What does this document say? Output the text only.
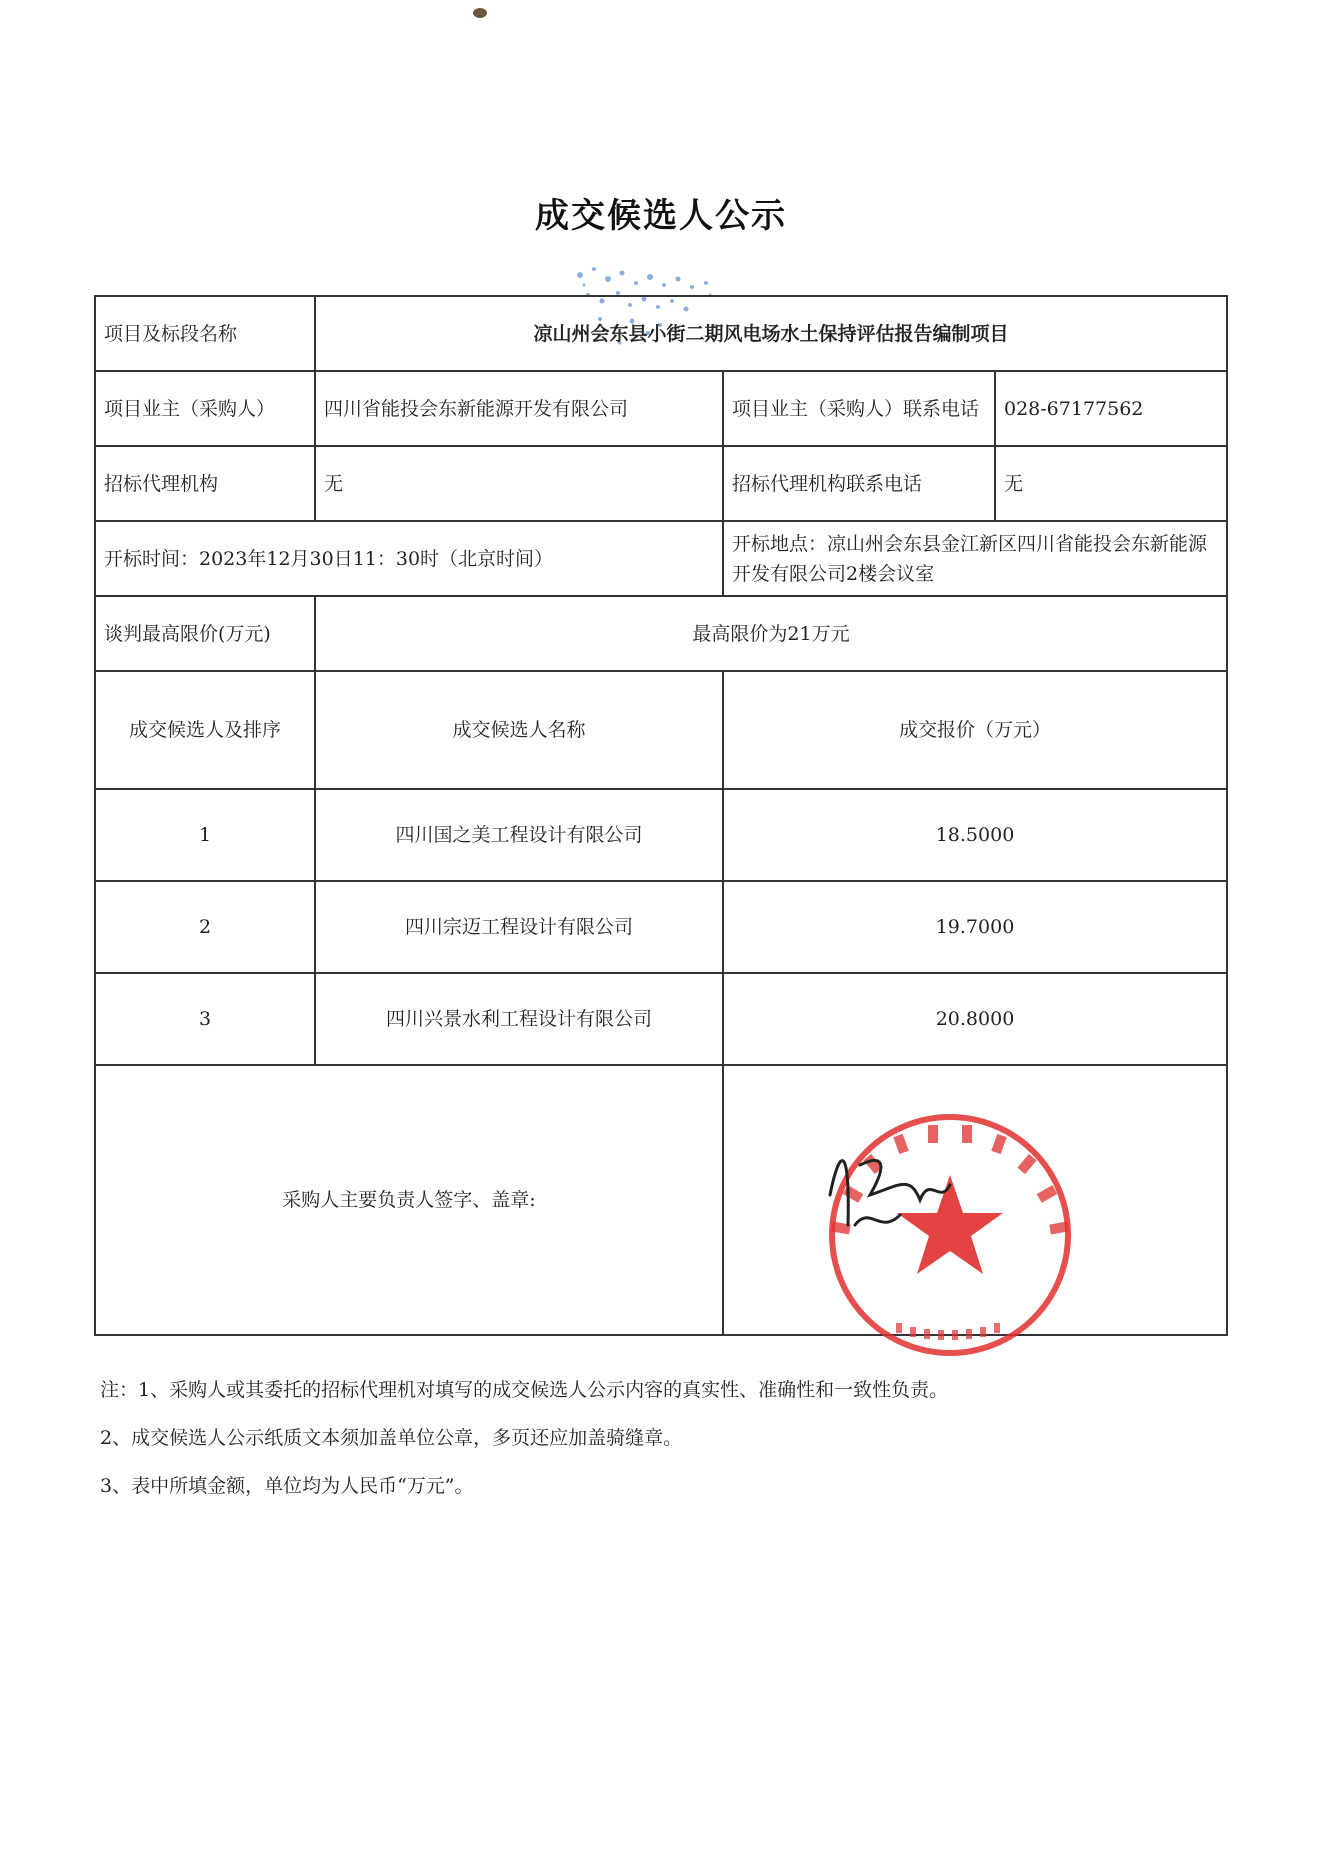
成交候选人公示
项目及标段名称	凉山州会东县小街二期风电场水土保持评估报告编制项目		
项目业主（采购人）	四川省能投会东新能源开发有限公司	项目业主（采购人）联系电话	028-67177562
招标代理机构	无	招标代理机构联系电话	无
开标时间：2023年12月30日11：30时（北京时间）		开标地点：凉山州会东县金江新区四川省能投会东新能源开发有限公司2楼会议室	
谈判最高限价(万元)	最高限价为21万元		
成交候选人及排序	成交候选人名称	成交报价（万元）	
1	四川国之美工程设计有限公司	18.5000	
2	四川宗迈工程设计有限公司	19.7000	
3	四川兴景水利工程设计有限公司	20.8000	
采购人主要负责人签字、盖章:			
注：1、采购人或其委托的招标代理机对填写的成交候选人公示内容的真实性、准确性和一致性负责。
2、成交候选人公示纸质文本须加盖单位公章，多页还应加盖骑缝章。
3、表中所填金额，单位均为人民币“万元”。
